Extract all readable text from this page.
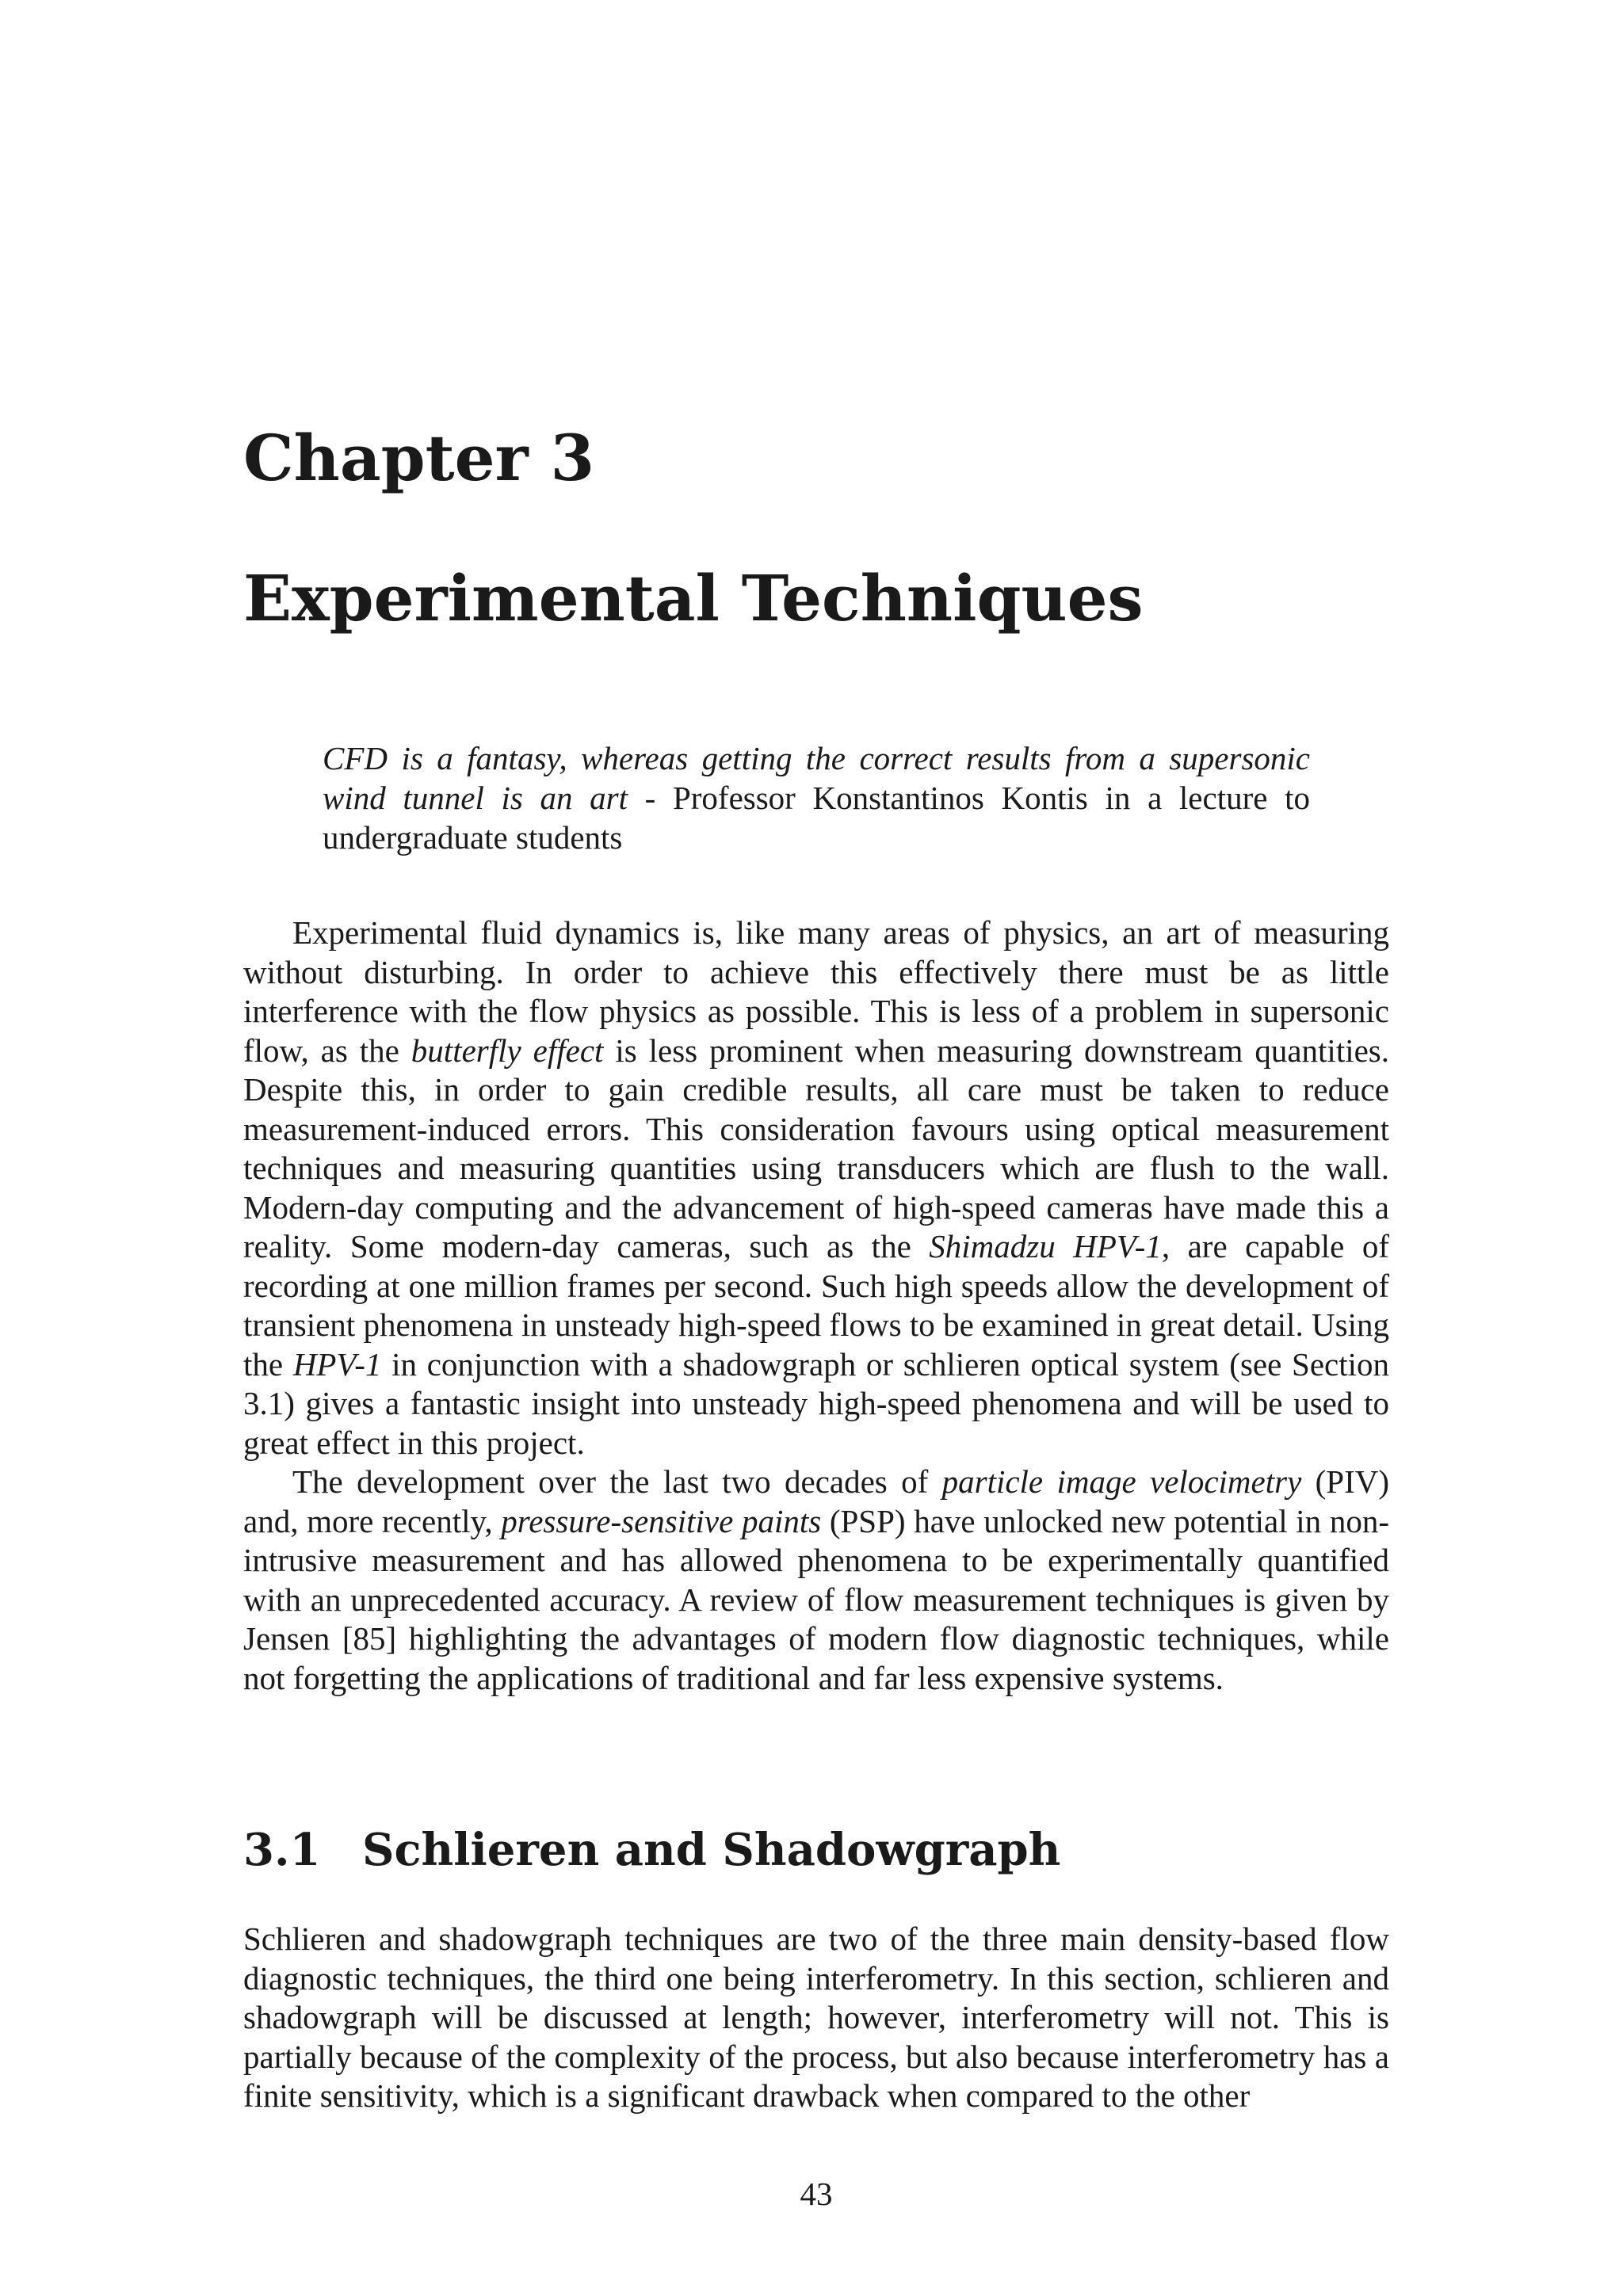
Chapter 3
Experimental Techniques

CFD is a fantasy, whereas getting the correct results from a supersonic wind tunnel is an art - Professor Konstantinos Kontis in a lecture to undergraduate students

Experimental fluid dynamics is, like many areas of physics, an art of measuring without disturbing. In order to achieve this effectively there must be as little interference with the flow physics as possible. This is less of a problem in supersonic flow, as the butterfly effect is less prominent when measuring downstream quantities. Despite this, in order to gain credible results, all care must be taken to reduce measurement-induced errors. This consideration favours using optical measurement techniques and measuring quantities using transducers which are flush to the wall. Modern-day computing and the advancement of high-speed cameras have made this a reality. Some modern-day cameras, such as the Shimadzu HPV-1, are capable of recording at one million frames per second. Such high speeds allow the development of transient phenomena in unsteady high-speed flows to be examined in great detail. Using the HPV-1 in conjunction with a shadowgraph or schlieren optical system (see Section 3.1) gives a fantastic insight into unsteady high-speed phenomena and will be used to great effect in this project.

The development over the last two decades of particle image velocimetry (PIV) and, more recently, pressure-sensitive paints (PSP) have unlocked new potential in non-intrusive measurement and has allowed phenomena to be experimentally quantified with an unprecedented accuracy. A review of flow measurement techniques is given by Jensen [85] highlighting the advantages of modern flow diagnostic techniques, while not forgetting the applications of traditional and far less expensive systems.

3.1 Schlieren and Shadowgraph

Schlieren and shadowgraph techniques are two of the three main density-based flow diagnostic techniques, the third one being interferometry. In this section, schlieren and shadowgraph will be discussed at length; however, interferometry will not. This is partially because of the complexity of the process, but also because interferometry has a finite sensitivity, which is a significant drawback when compared to the other

43
